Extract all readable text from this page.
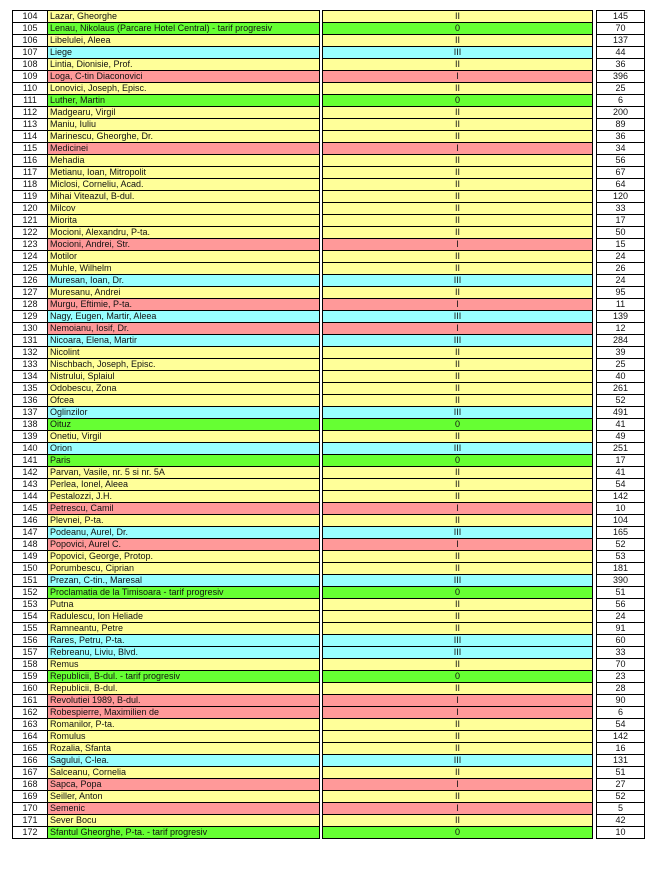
104	Lazar, Gheorghe		II		145
105	Lenau, Nikolaus (Parcare Hotel Central) - tarif progresiv		0		70
106	Libelulei, Aleea		II		137
107	Liege		III		44
108	Lintia, Dionisie, Prof.		II		36
109	Loga, C-tin Diaconovici		I		396
110	Lonovici, Joseph, Episc.		II		25
111	Luther, Martin		0		6
112	Madgearu, Virgil		II		200
113	Maniu, Iuliu		II		89
114	Marinescu, Gheorghe, Dr.		II		36
115	Medicinei		I		34
116	Mehadia		II		56
117	Metianu, Ioan, Mitropolit		II		67
118	Miclosi, Corneliu, Acad.		II		64
119	Mihai Viteazul, B-dul.		II		120
120	Milcov		II		33
121	Miorita		II		17
122	Mocioni, Alexandru, P-ta.		II		50
123	Mocioni, Andrei, Str.		I		15
124	Motilor		II		24
125	Muhle, Wilhelm		II		26
126	Muresan, Ioan, Dr.		III		24
127	Muresanu, Andrei		II		95
128	Murgu, Eftimie, P-ta.		I		11
129	Nagy, Eugen, Martir, Aleea		III		139
130	Nemoianu, Iosif, Dr.		I		12
131	Nicoara, Elena, Martir		III		284
132	Nicolint		II		39
133	Nischbach, Joseph, Episc.		II		25
134	Nistrului, Splaiul		II		40
135	Odobescu, Zona		II		261
136	Ofcea		II		52
137	Oglinzilor		III		491
138	Oituz		0		41
139	Onetiu, Virgil		II		49
140	Orion		III		251
141	Paris		0		17
142	Parvan, Vasile, nr. 5 si nr. 5A		II		41
143	Perlea, Ionel, Aleea		II		54
144	Pestalozzi, J.H.		II		142
145	Petrescu, Camil		I		10
146	Plevnei, P-ta.		II		104
147	Podeanu, Aurel, Dr.		III		165
148	Popovici, Aurel C.		I		52
149	Popovici, George, Protop.		II		53
150	Porumbescu, Ciprian		II		181
151	Prezan, C-tin., Maresal		III		390
152	Proclamatia de la Timisoara - tarif progresiv		0		51
153	Putna		II		56
154	Radulescu, Ion Heliade		II		24
155	Ramneantu, Petre		II		91
156	Rares, Petru, P-ta.		III		60
157	Rebreanu, Liviu, Blvd.		III		33
158	Remus		II		70
159	Republicii, B-dul. - tarif progresiv		0		23
160	Republicii, B-dul.		II		28
161	Revolutiei 1989, B-dul.		I		90
162	Robespierre, Maximilien de		I		6
163	Romanilor, P-ta.		II		54
164	Romulus		II		142
165	Rozalia, Sfanta		II		16
166	Sagului, C-lea.		III		131
167	Salceanu, Cornelia		II		51
168	Sapca, Popa		I		27
169	Seiller, Anton		II		52
170	Semenic		I		5
171	Sever Bocu		II		42
172	Sfantul Gheorghe, P-ta. - tarif progresiv		0		10
